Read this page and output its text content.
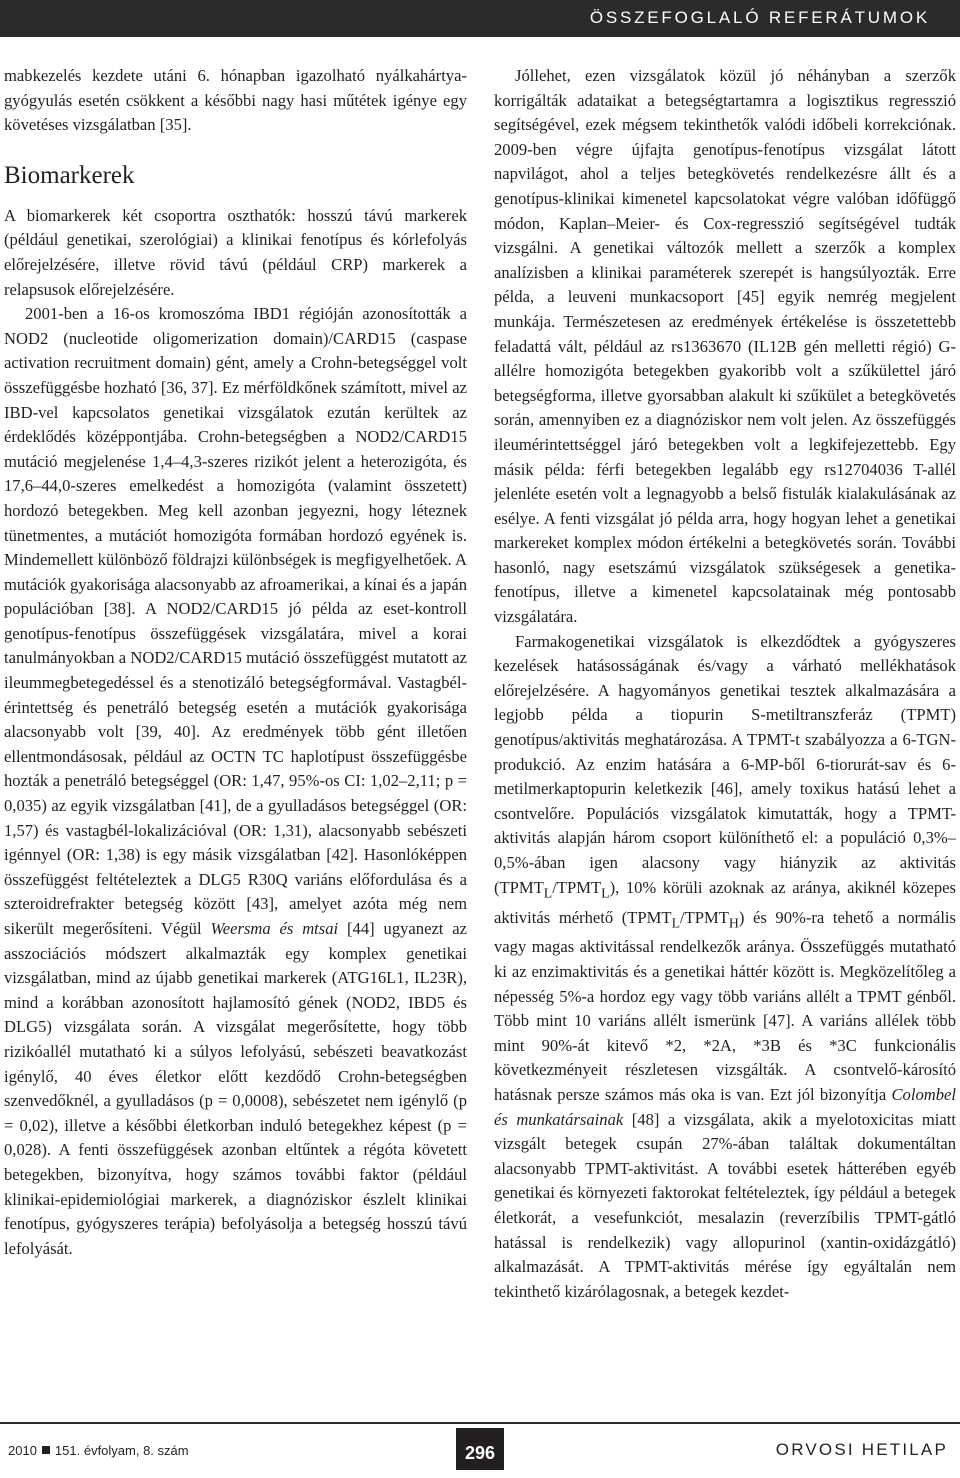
ÖSSZEFOGLALÓ REFERÁTUMOK

mabkezelés kezdete utáni 6. hónapban igazolható nyálkahártya-gyógyulás esetén csökkent a későbbi nagy hasi műtétek igénye egy követéses vizsgálatban [35].

Biomarkerek

A biomarkerek két csoportra oszthatók: hosszú távú markerek (például genetikai, szerológiai) a klinikai fenotípus és kórlefolyás előrejelzésére, illetve rövid távú (például CRP) markerek a relapsusok előrejelzésére.

2001-ben a 16-os kromoszóma IBD1 régióján azonosították a NOD2 (nucleotide oligomerization domain)/CARD15 (caspase activation recruitment domain) gént, amely a Crohn-betegséggel volt összefüggésbe hozható [36, 37]. Ez mérföldkőnek számított, mivel az IBD-vel kapcsolatos genetikai vizsgálatok ezután kerültek az érdeklődés középpontjába. Crohn-betegségben a NOD2/CARD15 mutáció megjelenése 1,4–4,3-szeres rizikót jelent a heterozigóta, és 17,6–44,0-szeres emelkedést a homozigóta (valamint összetett) hordozó betegekben. Meg kell azonban jegyezni, hogy léteznek tünetmentes, a mutációt homozigóta formában hordozó egyének is. Mindemellett különböző földrajzi különbségek is megfigyelhetőek. A mutációk gyakorisága alacsonyabb az afroamerikai, a kínai és a japán populációban [38]. A NOD2/CARD15 jó példa az eset-kontroll genotípus-fenotípus összefüggések vizsgálatára, mivel a korai tanulmányokban a NOD2/CARD15 mutáció összefüggést mutatott az ileummegbetegedéssel és a stenotizáló betegségformával. Vastagbél-érintettség és penetráló betegség esetén a mutációk gyakorisága alacsonyabb volt [39, 40]. Az eredmények több gént illetően ellentmondásosak, például az OCTN TC haplotípust összefüggésbe hozták a penetráló betegséggel (OR: 1,47, 95%-os CI: 1,02–2,11; p = 0,035) az egyik vizsgálatban [41], de a gyulladásos betegséggel (OR: 1,57) és vastagbél-lokalizációval (OR: 1,31), alacsonyabb sebészeti igénnyel (OR: 1,38) is egy másik vizsgálatban [42]. Hasonlóképpen összefüggést feltételeztek a DLG5 R30Q variáns előfordulása és a szteroidrefrakter betegség között [43], amelyet azóta még nem sikerült megerősíteni. Végül Weersma és mtsai [44] ugyanezt az asszociációs módszert alkalmazták egy komplex genetikai vizsgálatban, mind az újabb genetikai markerek (ATG16L1, IL23R), mind a korábban azonosított hajlamosító gének (NOD2, IBD5 és DLG5) vizsgálata során. A vizsgálat megerősítette, hogy több rizikóallél mutatható ki a súlyos lefolyású, sebészeti beavatkozást igénylő, 40 éves életkor előtt kezdődő Crohn-betegségben szenvedőknél, a gyulladásos (p = 0,0008), sebészetet nem igénylő (p = 0,02), illetve a későbbi életkorban induló betegekhez képest (p = 0,028). A fenti összefüggések azonban eltűntek a régóta követett betegekben, bizonyítva, hogy számos további faktor (például klinikai-epidemiológiai markerek, a diagnóziskor észlelt klinikai fenotípus, gyógyszeres terápia) befolyásolja a betegség hosszú távú lefolyását.

Jóllehet, ezen vizsgálatok közül jó néhányban a szerzők korrigálták adataikat a betegségtartamra a logisztikus regresszió segítségével, ezek mégsem tekinthetők valódi időbeli korrekciónak. 2009-ben végre újfajta genotípus-fenotípus vizsgálat látott napvilágot, ahol a teljes betegkövetés rendelkezésre állt és a genotípus-klinikai kimenetel kapcsolatokat végre valóban időfüggő módon, Kaplan–Meier- és Cox-regresszió segítségével tudták vizsgálni. A genetikai változók mellett a szerzők a komplex analízisben a klinikai paraméterek szerepét is hangsúlyozták. Erre példa, a leuveni munkacsoport [45] egyik nemrég megjelent munkája. Természetesen az eredmények értékelése is összetettebb feladattá vált, például az rs1363670 (IL12B gén melletti régió) G-allélre homozigóta betegekben gyakoribb volt a szűkülettel járó betegségforma, illetve gyorsabban alakult ki szűkület a betegkövetés során, amennyiben ez a diagnóziskor nem volt jelen. Az összefüggés ileumérintettséggel járó betegekben volt a legkifejezettebb. Egy másik példa: férfi betegekben legalább egy rs12704036 T-allél jelenléte esetén volt a legnagyobb a belső fistulák kialakulásának az esélye. A fenti vizsgálat jó példa arra, hogy hogyan lehet a genetikai markereket komplex módon értékelni a betegkövetés során. További hasonló, nagy esetszámú vizsgálatok szükségesek a genetika-fenotípus, illetve a kimenetel kapcsolatainak még pontosabb vizsgálatára.

Farmakogenetikai vizsgálatok is elkezdődtek a gyógyszeres kezelések hatásosságának és/vagy a várható mellékhatások előrejelzésére. A hagyományos genetikai tesztek alkalmazására a legjobb példa a tiopurin S-metiltranszferáz (TPMT) genotípus/aktivitás meghatározása. A TPMT-t szabályozza a 6-TGN-produkció. Az enzim hatására a 6-MP-ből 6-tiorurát-sav és 6-metilmerkaptopurin keletkezik [46], amely toxikus hatású lehet a csontvelőre. Populációs vizsgálatok kimutatták, hogy a TPMT-aktivitás alapján három csoport különíthető el: a populáció 0,3%–0,5%-ában igen alacsony vagy hiányzik az aktivitás $(TPMT_L/TPMT_L)$, 10% körüli azoknak az aránya, akiknél közepes aktivitás mérhető $(TPMT_L/TPMT_H)$ és 90%-ra tehető a normális vagy magas aktivitással rendelkezők aránya. Összefüggés mutatható ki az enzimaktivitás és a genetikai háttér között is. Megközelítőleg a népesség 5%-a hordoz egy vagy több variáns allélt a TPMT génből. Több mint 10 variáns allélt ismerünk [47]. A variáns allélek több mint 90%-át kitevő *2, *2A, *3B és *3C funkcionális következményeit részletesen vizsgálták. A csontvelő-károsító hatásnak persze számos más oka is van. Ezt jól bizonyítja Colombel és munkatársainak [48] a vizsgálata, akik a myelotoxicitas miatt vizsgált betegek csupán 27%-ában találtak dokumentáltan alacsonyabb TPMT-aktivitást. A további esetek hátterében egyéb genetikai és környezeti faktorokat feltételeztek, így például a betegek életkorát, a vesefunkciót, mesalazin (reverzíbilis TPMT-gátló hatással is rendelkezik) vagy allopurinol (xantin-oxidázgátló) alkalmazását. A TPMT-aktivitás mérése így egyáltalán nem tekinthető kizárólagosnak, a betegek kezdet-

2010 151. évfolyam, 8. szám	296	ORVOSI HETILAP
